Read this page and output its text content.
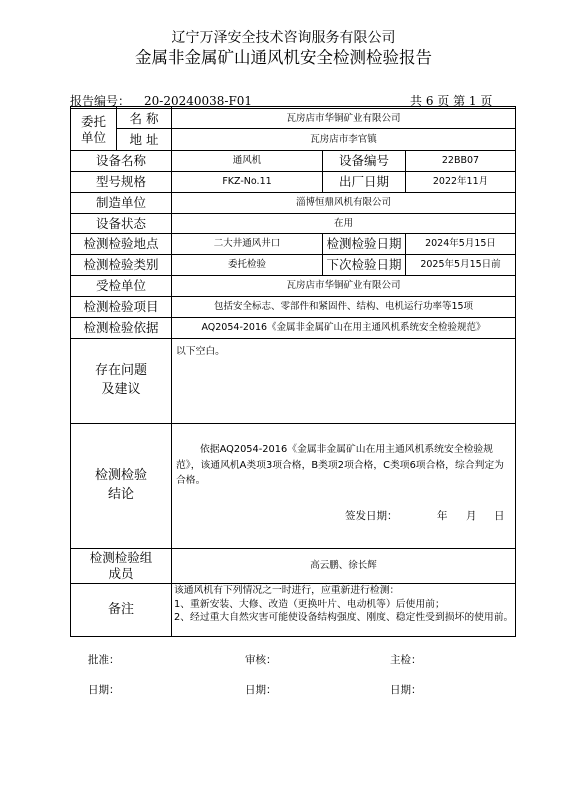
辽宁万泽安全技术咨询服务有限公司
金属非金属矿山通风机安全检测检验报告
报告编号： 20-20240038-F01	共 6 页 第 1 页
委托
单位
名 称	瓦房店市华铜矿业有限公司
地 址	瓦房店市李官镇
设备名称	通风机	设备编号	22BB07
型号规格	FKZ-No.11	出厂日期	2022年11月
制造单位	淄博恒鼎风机有限公司
设备状态	在用
检测检验地点	二大井通风井口	检测检验日期	2024年5月15日
检测检验类别	委托检验	下次检验日期	2025年5月15日前
受检单位	瓦房店市华铜矿业有限公司
检测检验项目	包括安全标志、零部件和紧固件、结构、电机运行功率等15项
检测检验依据	AQ2054-2016《金属非金属矿山在用主通风机系统安全检验规范》
存在问题
及建议
以下空白。
检测检验
结论
依据AQ2054-2016《金属非金属矿山在用主通风机系统安全检验规范》，该通风机A类项3项合格，B类项2项合格，C类项6项合格，综合判定为合格。
签发日期：	年 月 日
检测检验组
成员
高云鹏、徐长辉
备注
该通风机有下列情况之一时进行，应重新进行检测：
1、重新安装、大修、改造（更换叶片、电动机等）后使用前；
2、经过重大自然灾害可能使设备结构强度、刚度、稳定性受到损坏的使用前。
批准：	审核：	主检：
日期：	日期：	日期：
